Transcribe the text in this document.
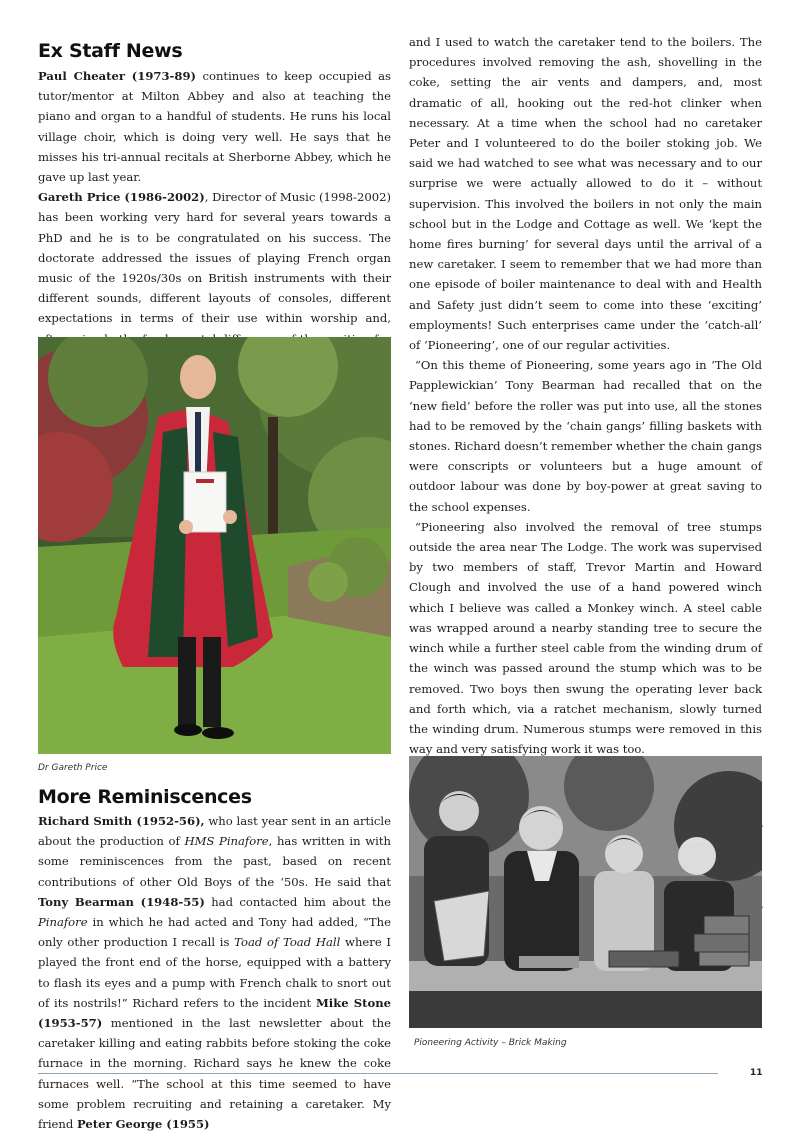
Ex Staff News

Paul Cheater (1973-89) continues to keep occupied as tutor/mentor at Milton Abbey and also at teaching the piano and organ to a handful of students. He runs his local village choir, which is doing very well. He says that he misses his tri-annual recitals at Sherborne Abbey, which he gave up last year.

Gareth Price (1986-2002), Director of Music (1998-2002) has been working very hard for several years towards a PhD and he is to be congratulated on his success. The doctorate addressed the issues of playing French organ music of the 1920s/30s on British instruments with their different sounds, different layouts of consoles, different expectations in terms of their use within worship and,

Dr Gareth Price

More Reminiscences

Richard Smith (1952-56), who last year sent in an article about the production of HMS Pinafore, has written in with some reminiscences from the past, based on recent contributions of other Old Boys of the ‘50s. He said that Tony Bearman (1948-55) had contacted him about the Pinafore in which he had acted and Tony had added, “The only other production I recall is Toad of Toad Hall where I played the front end of the horse, equipped with a battery to flash its eyes and a pump with French chalk to snort out of its nostrils!” Richard refers to the incident Mike Stone (1953-57) mentioned in the last newsletter about the caretaker killing and eating rabbits before stoking the coke furnace in the morning. Richard says he knew the coke furnaces well. “The school at this time seemed to have some problem recruiting and retaining a caretaker. My friend Peter George (1955)

and I used to watch the caretaker tend to the boilers. The procedures involved removing the ash, shovelling in the coke, setting the air vents and dampers, and, most dramatic of all, hooking out the red-hot clinker when necessary. At a time when the school had no caretaker Peter and I volunteered to do the boiler stoking job. We said we had watched to see what was necessary and to our surprise we were actually allowed to do it – without supervision. This involved the boilers in not only the main school but in the Lodge and Cottage as well. We ‘kept the home fires burning’ for several days until the arrival of a new caretaker. I seem to remember that we had more than one episode of boiler maintenance to deal with and Health and Safety just didn’t seem to come into these ‘exciting’ employments! Such enterprises came under the ‘catch-all’ of ‘Pioneering’, one of our regular activities.

“On this theme of Pioneering, some years ago in ‘The Old Papplewickian’ Tony Bearman had recalled that on the ‘new field’ before the roller was put into use, all the stones had to be removed by the ‘chain gangs’ filling baskets with stones. Richard doesn’t remember whether the chain gangs were conscripts or volunteers but a huge amount of outdoor labour was done by boy-power at great saving to the school expenses.

“Pioneering also involved the removal of tree stumps outside the area near The Lodge. The work was supervised by two members of staff, Trevor Martin and Howard Clough and involved the use of a hand powered winch which I believe was called a Monkey winch. A steel cable was wrapped around a nearby standing tree to secure the winch while a further steel cable from the winding drum of the winch was passed around the stump which was to be removed. Two boys then swung the operating lever back and forth which, via a ratchet mechanism, slowly turned the winding drum. Numerous stumps were removed in this way and very satisfying work it was too.

Pioneering Activity – Brick Making

11
